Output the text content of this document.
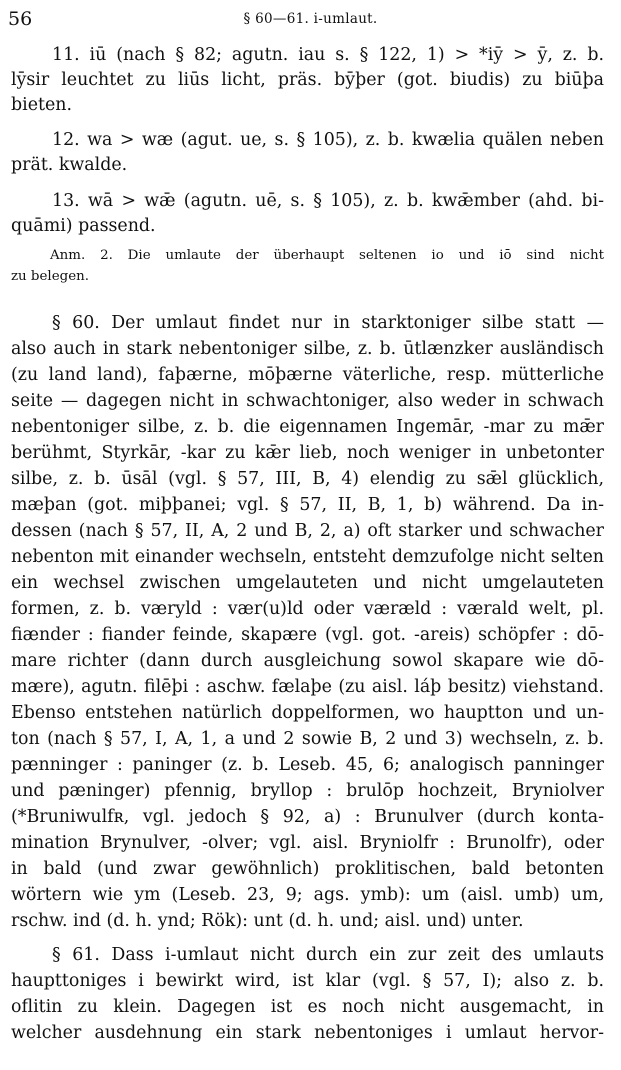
56	§ 60—61. i-umlaut.
11. iū (nach § 82; agutn. iau s. § 122, 1) > *iȳ > ȳ, z. b.
lȳsir leuchtet zu liūs licht, präs. bȳþer (got. biudis) zu biūþa
bieten.
12. wa > wæ (agut. ue, s. § 105), z. b. kwælia quälen neben
prät. kwalde.
13. wā > wǣ (agutn. uē, s. § 105), z. b. kwǣmber (ahd. bi-
quāmi) passend.
Anm. 2. Die umlaute der überhaupt seltenen io und iō sind nicht
zu belegen.
§ 60. Der umlaut findet nur in starktoniger silbe statt —
also auch in stark nebentoniger silbe, z. b. ūtlænzker ausländisch
(zu land land), faþærne, mōþærne väterliche, resp. mütterliche
seite — dagegen nicht in schwachtoniger, also weder in schwach
nebentoniger silbe, z. b. die eigennamen Ingemār, -mar zu mǣr
berühmt, Styrkār, -kar zu kǣr lieb, noch weniger in unbetonter
silbe, z. b. ūsāl (vgl. § 57, III, B, 4) elendig zu sǣl glücklich,
mæþan (got. miþþanei; vgl. § 57, II, B, 1, b) während. Da in-
dessen (nach § 57, II, A, 2 und B, 2, a) oft starker und schwacher
nebenton mit einander wechseln, entsteht demzufolge nicht selten
ein wechsel zwischen umgelauteten und nicht umgelauteten
formen, z. b. væryld : vær(u)ld oder væræld : værald welt, pl.
fiænder : fiander feinde, skapære (vgl. got. -areis) schöpfer : dō-
mare richter (dann durch ausgleichung sowol skapare wie dō-
mære), agutn. filēþi : aschw. fælaþe (zu aisl. láþ besitz) viehstand.
Ebenso entstehen natürlich doppelformen, wo hauptton und un-
ton (nach § 57, I, A, 1, a und 2 sowie B, 2 und 3) wechseln, z. b.
pænninger : paninger (z. b. Leseb. 45, 6; analogisch panninger
und pæninger) pfennig, bryllop : brulōp hochzeit, Bryniolver
(*Bruniwulfʀ, vgl. jedoch § 92, a) : Brunulver (durch konta-
mination Brynulver, -olver; vgl. aisl. Bryniolfr : Brunolfr), oder
in bald (und zwar gewöhnlich) proklitischen, bald betonten
wörtern wie ym (Leseb. 23, 9; ags. ymb): um (aisl. umb) um,
rschw. ind (d. h. ynd; Rök): unt (d. h. und; aisl. und) unter.
§ 61. Dass i-umlaut nicht durch ein zur zeit des umlauts
haupttoniges i bewirkt wird, ist klar (vgl. § 57, I); also z. b.
oflitin zu klein. Dagegen ist es noch nicht ausgemacht, in
welcher ausdehnung ein stark nebentoniges i umlaut hervor-
